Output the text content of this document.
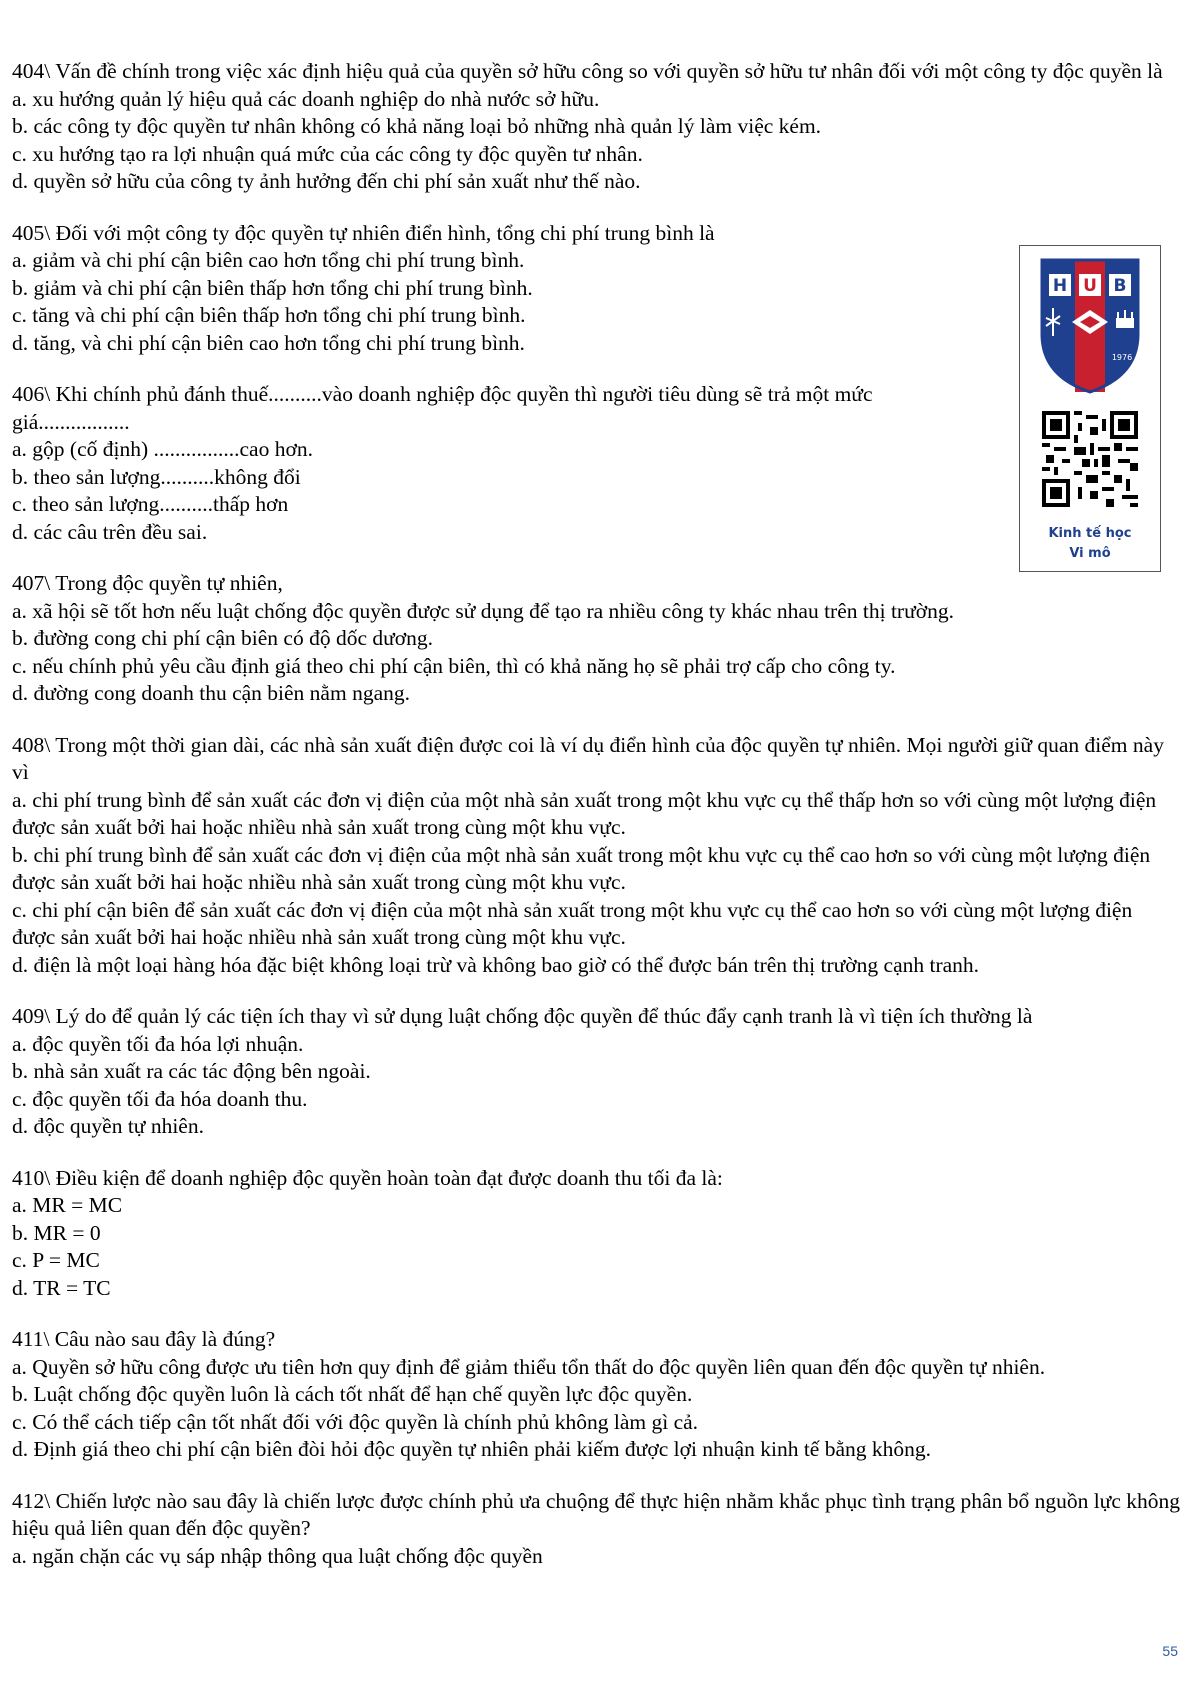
404\ Vấn đề chính trong việc xác định hiệu quả của quyền sở hữu công so với quyền sở hữu tư nhân đối với một công ty độc quyền là

a. xu hướng quản lý hiệu quả các doanh nghiệp do nhà nước sở hữu.

b. các công ty độc quyền tư nhân không có khả năng loại bỏ những nhà quản lý làm việc kém.

c. xu hướng tạo ra lợi nhuận quá mức của các công ty độc quyền tư nhân.

d. quyền sở hữu của công ty ảnh hưởng đến chi phí sản xuất như thế nào.

405\ Đối với một công ty độc quyền tự nhiên điển hình, tổng chi phí trung bình là

a. giảm và chi phí cận biên cao hơn tổng chi phí trung bình.

b. giảm và chi phí cận biên thấp hơn tổng chi phí trung bình.

c. tăng và chi phí cận biên thấp hơn tổng chi phí trung bình.

d. tăng, và chi phí cận biên cao hơn tổng chi phí trung bình.

406\ Khi chính phủ đánh thuế..........vào doanh nghiệp độc quyền thì người tiêu dùng sẽ trả một mức giá.................

a. gộp (cố định) ................cao hơn.

b. theo sản lượng..........không đổi

c. theo sản lượng..........thấp hơn

d. các câu trên đều sai.

407\ Trong độc quyền tự nhiên,

a. xã hội sẽ tốt hơn nếu luật chống độc quyền được sử dụng để tạo ra nhiều công ty khác nhau trên thị trường.

b. đường cong chi phí cận biên có độ dốc dương.

c. nếu chính phủ yêu cầu định giá theo chi phí cận biên, thì có khả năng họ sẽ phải trợ cấp cho công ty.

d. đường cong doanh thu cận biên nằm ngang.

408\ Trong một thời gian dài, các nhà sản xuất điện được coi là ví dụ điển hình của độc quyền tự nhiên. Mọi người giữ quan điểm này vì

a. chi phí trung bình để sản xuất các đơn vị điện của một nhà sản xuất trong một khu vực cụ thể thấp hơn so với cùng một lượng điện được sản xuất bởi hai hoặc nhiều nhà sản xuất trong cùng một khu vực.

b. chi phí trung bình để sản xuất các đơn vị điện của một nhà sản xuất trong một khu vực cụ thể cao hơn so với cùng một lượng điện được sản xuất bởi hai hoặc nhiều nhà sản xuất trong cùng một khu vực.

c. chi phí cận biên để sản xuất các đơn vị điện của một nhà sản xuất trong một khu vực cụ thể cao hơn so với cùng một lượng điện được sản xuất bởi hai hoặc nhiều nhà sản xuất trong cùng một khu vực.

d. điện là một loại hàng hóa đặc biệt không loại trừ và không bao giờ có thể được bán trên thị trường cạnh tranh.

409\ Lý do để quản lý các tiện ích thay vì sử dụng luật chống độc quyền để thúc đẩy cạnh tranh là vì tiện ích thường là

a. độc quyền tối đa hóa lợi nhuận.

b. nhà sản xuất ra các tác động bên ngoài.

c. độc quyền tối đa hóa doanh thu.

d. độc quyền tự nhiên.

410\ Điều kiện để doanh nghiệp độc quyền hoàn toàn đạt được doanh thu tối đa là:

a. MR = MC

b. MR = 0

c. P = MC

d. TR = TC

411\ Câu nào sau đây là đúng?

a. Quyền sở hữu công được ưu tiên hơn quy định để giảm thiểu tổn thất do độc quyền liên quan đến độc quyền tự nhiên.

b. Luật chống độc quyền luôn là cách tốt nhất để hạn chế quyền lực độc quyền.

c. Có thể cách tiếp cận tốt nhất đối với độc quyền là chính phủ không làm gì cả.

d. Định giá theo chi phí cận biên đòi hỏi độc quyền tự nhiên phải kiếm được lợi nhuận kinh tế bằng không.

412\ Chiến lược nào sau đây là chiến lược được chính phủ ưa chuộng để thực hiện nhằm khắc phục tình trạng phân bổ nguồn lực không hiệu quả liên quan đến độc quyền?

a. ngăn chặn các vụ sáp nhập thông qua luật chống độc quyền

H U B
1976
Kinh tế học
Vi mô
55
